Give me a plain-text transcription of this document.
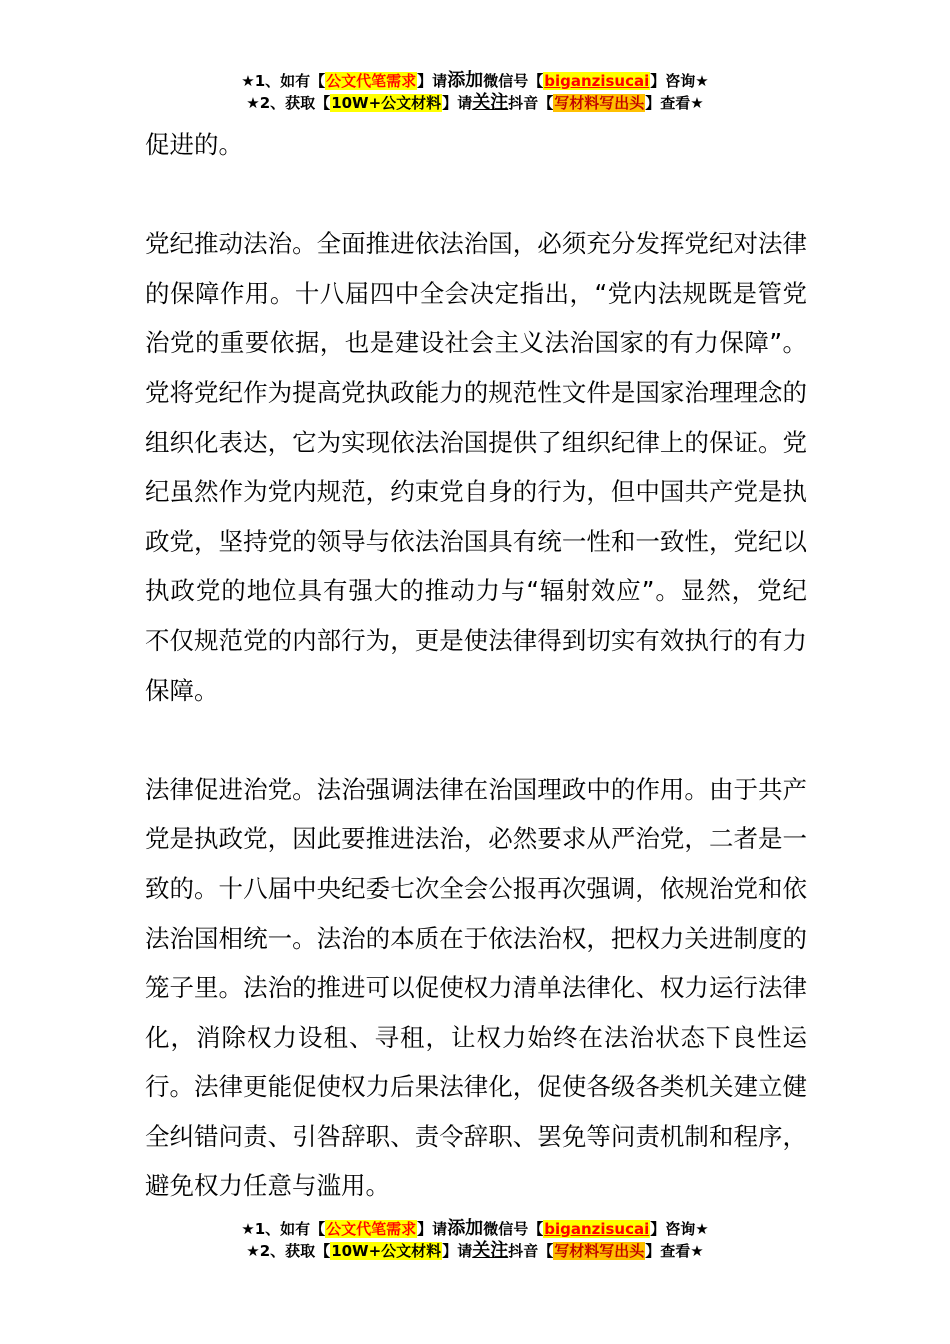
★1、如有【公文代笔需求】请添加微信号【biganzisucai】咨询★
★2、获取【10W+公文材料】请关注抖音【写材料写出头】查看★

促进的。

党纪推动法治。全面推进依法治国，必须充分发挥党纪对法律的保障作用。十八届四中全会决定指出，“党内法规既是管党治党的重要依据，也是建设社会主义法治国家的有力保障”。党将党纪作为提高党执政能力的规范性文件是国家治理理念的组织化表达，它为实现依法治国提供了组织纪律上的保证。党纪虽然作为党内规范，约束党自身的行为，但中国共产党是执政党，坚持党的领导与依法治国具有统一性和一致性，党纪以执政党的地位具有强大的推动力与“辐射效应”。显然，党纪不仅规范党的内部行为，更是使法律得到切实有效执行的有力保障。

法律促进治党。法治强调法律在治国理政中的作用。由于共产党是执政党，因此要推进法治，必然要求从严治党，二者是一致的。十八届中央纪委七次全会公报再次强调，依规治党和依法治国相统一。法治的本质在于依法治权，把权力关进制度的笼子里。法治的推进可以促使权力清单法律化、权力运行法律化，消除权力设租、寻租，让权力始终在法治状态下良性运行。法律更能促使权力后果法律化，促使各级各类机关建立健全纠错问责、引咎辞职、责令辞职、罢免等问责机制和程序，避免权力任意与滥用。

★1、如有【公文代笔需求】请添加微信号【biganzisucai】咨询★
★2、获取【10W+公文材料】请关注抖音【写材料写出头】查看★
